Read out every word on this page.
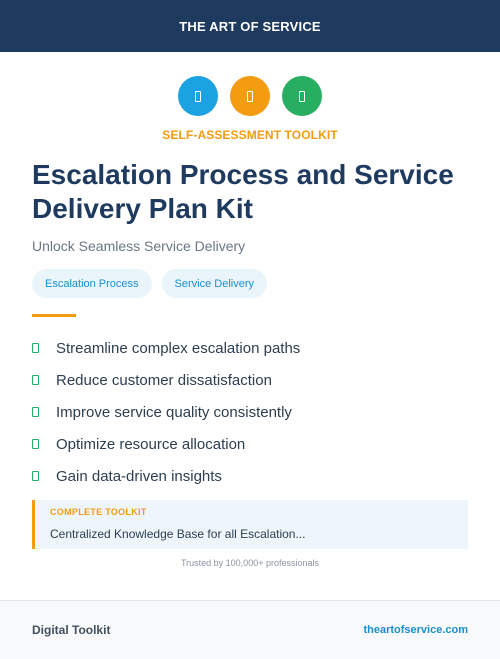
THE ART OF SERVICE
SELF-ASSESSMENT TOOLKIT
Escalation Process and Service Delivery Plan Kit
Unlock Seamless Service Delivery
Escalation Process	Service Delivery
Streamline complex escalation paths
Reduce customer dissatisfaction
Improve service quality consistently
Optimize resource allocation
Gain data-driven insights
COMPLETE TOOLKIT
Centralized Knowledge Base for all Escalation...
Trusted by 100,000+ professionals
Digital Toolkit	theartofservice.com
